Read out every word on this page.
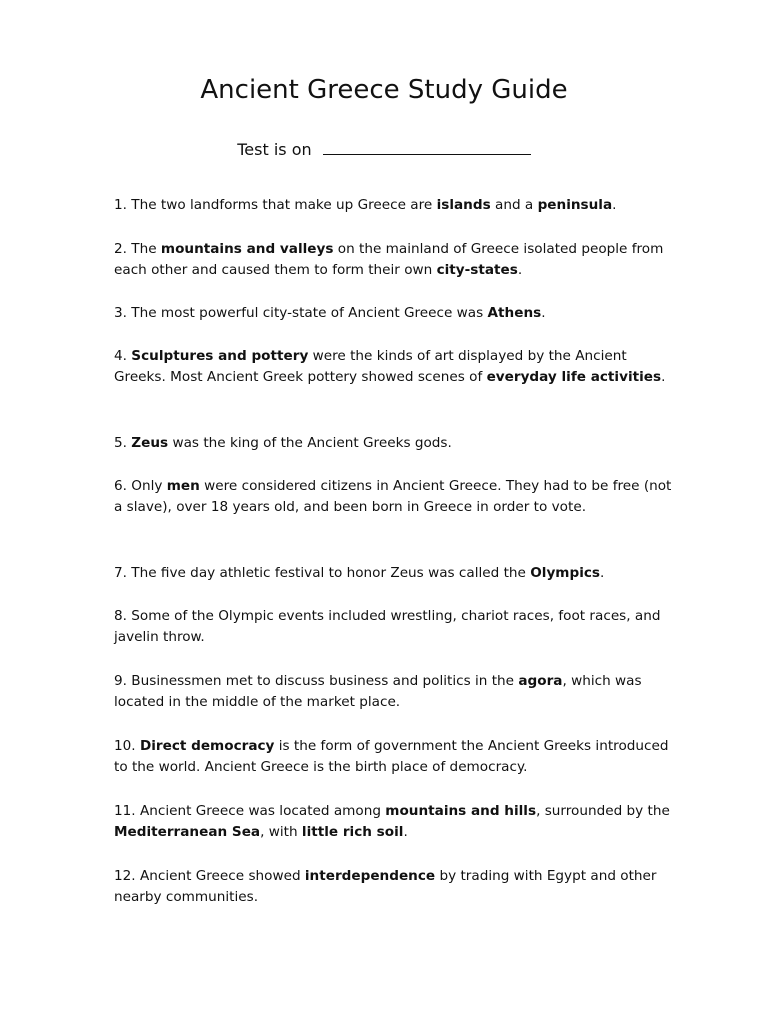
Ancient Greece Study Guide
Test is on

1. The two landforms that make up Greece are islands and a peninsula.

2. The mountains and valleys on the mainland of Greece isolated people from each other and caused them to form their own city-states.

3. The most powerful city-state of Ancient Greece was Athens.

4. Sculptures and pottery were the kinds of art displayed by the Ancient Greeks. Most Ancient Greek pottery showed scenes of everyday life activities.

5. Zeus was the king of the Ancient Greeks gods.

6. Only men were considered citizens in Ancient Greece. They had to be free (not a slave), over 18 years old, and been born in Greece in order to vote.

7. The five day athletic festival to honor Zeus was called the Olympics.

8. Some of the Olympic events included wrestling, chariot races, foot races, and javelin throw.

9. Businessmen met to discuss business and politics in the agora, which was located in the middle of the market place.

10. Direct democracy is the form of government the Ancient Greeks introduced to the world. Ancient Greece is the birth place of democracy.

11. Ancient Greece was located among mountains and hills, surrounded by the Mediterranean Sea, with little rich soil.

12. Ancient Greece showed interdependence by trading with Egypt and other nearby communities.
